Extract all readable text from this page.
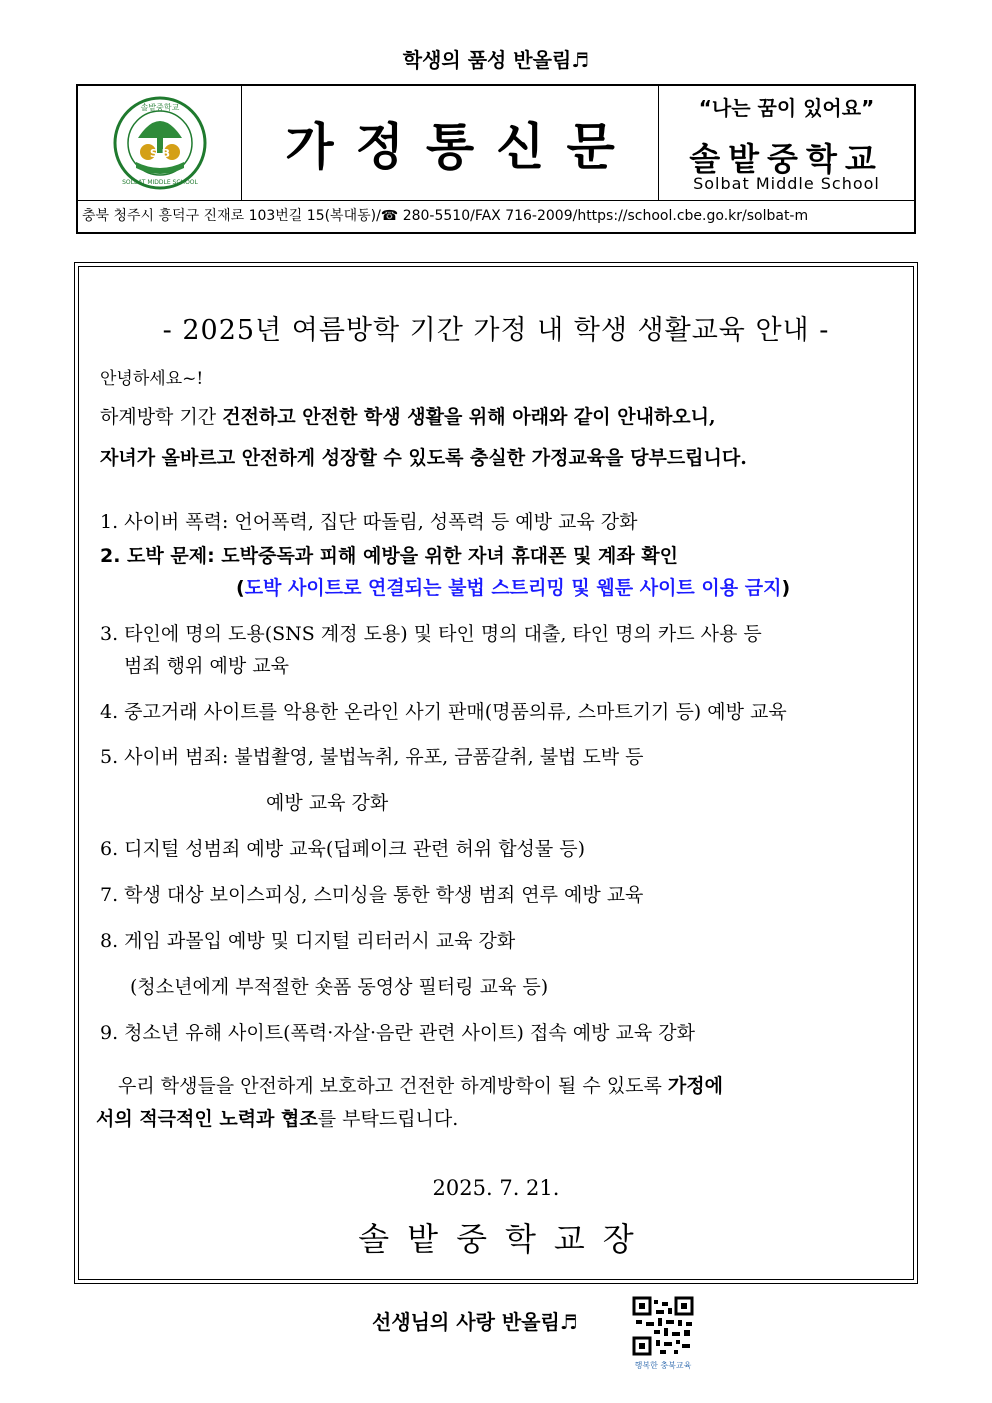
학생의 품성 반올림♬
S B
솔밭중학교
SOLBAT MIDDLE SCHOOL
가정통신문
“나는 꿈이 있어요”
솔밭중학교
Solbat Middle School
충북 청주시 흥덕구 진재로 103번길 15(복대동)/☎ 280-5510/FAX 716-2009/https://school.cbe.go.kr/solbat-m
- 2025년 여름방학 기간 가정 내 학생 생활교육 안내 -
안녕하세요~!
하계방학 기간 건전하고 안전한 학생 생활을 위해 아래와 같이 안내하오니,
자녀가 올바르고 안전하게 성장할 수 있도록 충실한 가정교육을 당부드립니다.
1. 사이버 폭력: 언어폭력, 집단 따돌림, 성폭력 등 예방 교육 강화
2. 도박 문제: 도박중독과 피해 예방을 위한 자녀 휴대폰 및 계좌 확인
(도박 사이트로 연결되는 불법 스트리밍 및 웹툰 사이트 이용 금지)
3. 타인에 명의 도용(SNS 계정 도용) 및 타인 명의 대출, 타인 명의 카드 사용 등
범죄 행위 예방 교육
4. 중고거래 사이트를 악용한 온라인 사기 판매(명품의류, 스마트기기 등) 예방 교육
5. 사이버 범죄: 불법촬영, 불법녹취, 유포, 금품갈취, 불법 도박 등
예방 교육 강화
6. 디지털 성범죄 예방 교육(딥페이크 관련 허위 합성물 등)
7. 학생 대상 보이스피싱, 스미싱을 통한 학생 범죄 연루 예방 교육
8. 게임 과몰입 예방 및 디지털 리터러시 교육 강화
(청소년에게 부적절한 숏폼 동영상 필터링 교육 등)
9. 청소년 유해 사이트(폭력·자살·음란 관련 사이트) 접속 예방 교육 강화
우리 학생들을 안전하게 보호하고 건전한 하계방학이 될 수 있도록 가정에
서의 적극적인 노력과 협조를 부탁드립니다.
2025. 7. 21.
솔밭중학교장
선생님의 사랑 반올림♬
행복한 충북교육
